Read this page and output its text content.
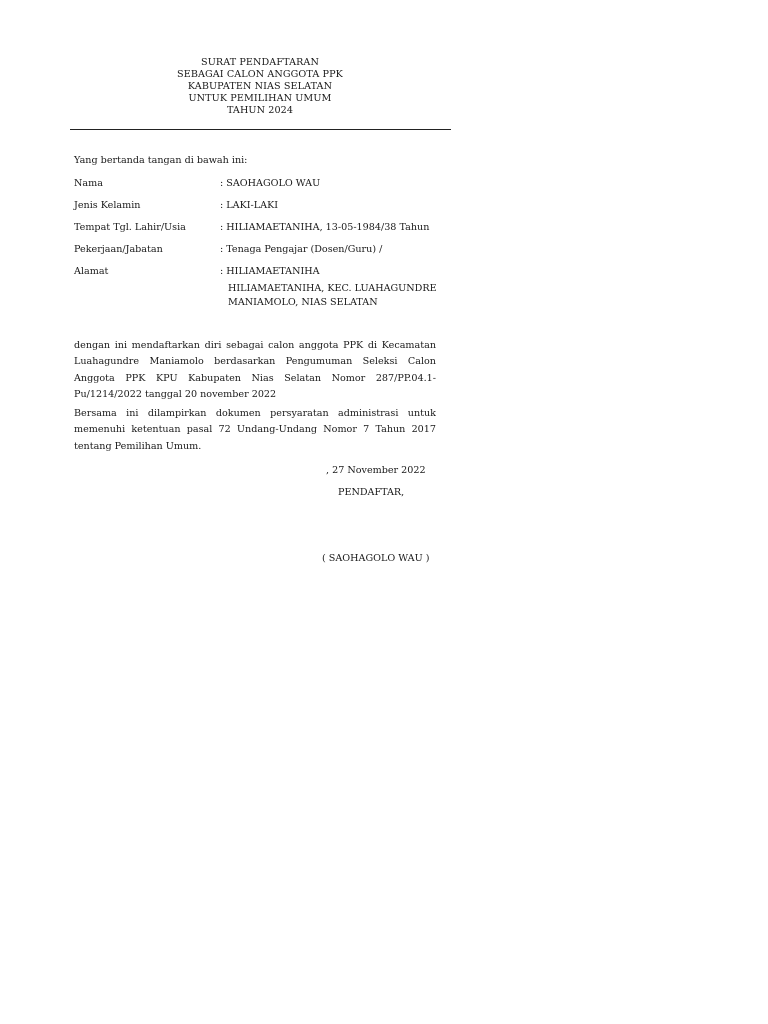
SURAT PENDAFTARAN
SEBAGAI CALON ANGGOTA PPK
KABUPATEN NIAS SELATAN
UNTUK PEMILIHAN UMUM
TAHUN 2024
Yang bertanda tangan di bawah ini:
Nama	: SAOHAGOLO WAU
Jenis Kelamin	: LAKI-LAKI
Tempat Tgl. Lahir/Usia	: HILIAMAETANIHA, 13-05-1984/38 Tahun
Pekerjaan/Jabatan	: Tenaga Pengajar (Dosen/Guru) /
Alamat	: HILIAMAETANIHA
HILIAMAETANIHA, KEC. LUAHAGUNDRE
MANIAMOLO, NIAS SELATAN
dengan ini mendaftarkan diri sebagai calon anggota PPK di Kecamatan Luahagundre Maniamolo berdasarkan Pengumuman Seleksi Calon Anggota PPK KPU Kabupaten Nias Selatan Nomor 287/PP.04.1-Pu/1214/2022 tanggal 20 november 2022
Bersama ini dilampirkan dokumen persyaratan administrasi untuk memenuhi ketentuan pasal 72 Undang-Undang Nomor 7 Tahun 2017 tentang Pemilihan Umum.
, 27 November 2022
PENDAFTAR,
( SAOHAGOLO WAU )
